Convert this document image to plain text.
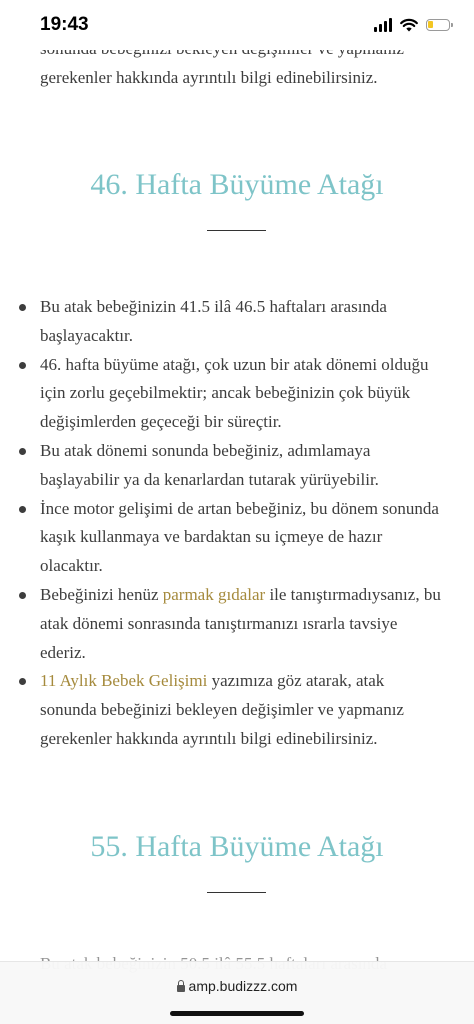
19:43

gerekenler hakkında ayrıntılı bilgi edinebilirsiniz.

46. Hafta Büyüme Atağı
Bu atak bebeğinizin 41.5 ilâ 46.5 haftaları arasında başlayacaktır.
46. hafta büyüme atağı, çok uzun bir atak dönemi olduğu için zorlu geçebilmektir; ancak bebeğinizin çok büyük değişimlerden geçeceği bir süreçtir.
Bu atak dönemi sonunda bebeğiniz, adımlamaya başlayabilir ya da kenarlardan tutarak yürüyebilir.
İnce motor gelişimi de artan bebeğiniz, bu dönem sonunda kaşık kullanmaya ve bardaktan su içmeye de hazır olacaktır.
Bebeğinizi henüz parmak gıdalar ile tanıştırmadıysanız, bu atak dönemi sonrasında tanıştırmanızı ısrarla tavsiye ederiz.
11 Aylık Bebek Gelişimi yazımıza göz atarak, atak sonunda bebeğinizi bekleyen değişimler ve yapmanız gerekenler hakkında ayrıntılı bilgi edinebilirsiniz.
55. Hafta Büyüme Atağı
amp.budizzz.com
